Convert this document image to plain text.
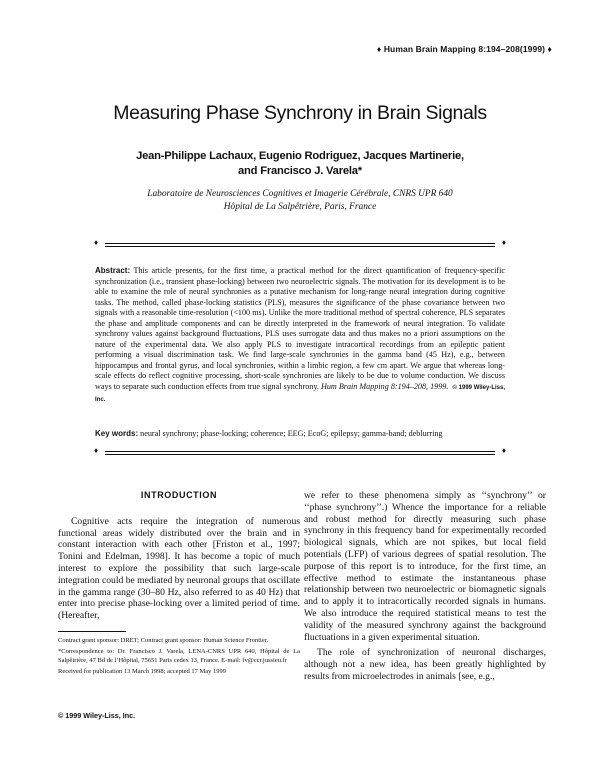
♦ Human Brain Mapping 8:194–208(1999) ♦
Measuring Phase Synchrony in Brain Signals
Jean-Philippe Lachaux, Eugenio Rodriguez, Jacques Martinerie,
and Francisco J. Varela*
Laboratoire de Neurosciences Cognitives et Imagerie Cérébrale, CNRS UPR 640
Hôpital de La Salpêtrière, Paris, France
♦	♦
Abstract: This article presents, for the first time, a practical method for the direct quantification of frequency-specific synchronization (i.e., transient phase-locking) between two neuroelectric signals. The motivation for its development is to be able to examine the role of neural synchronies as a putative mechanism for long-range neural integration during cognitive tasks. The method, called phase-locking statistics (PLS), measures the significance of the phase covariance between two signals with a reasonable time-resolution (<100 ms). Unlike the more traditional method of spectral coherence, PLS separates the phase and amplitude components and can be directly interpreted in the framework of neural integration. To validate synchrony values against background fluctuations, PLS uses surrogate data and thus makes no a priori assumptions on the nature of the experimental data. We also apply PLS to investigate intracortical recordings from an epileptic patient performing a visual discrimination task. We find large-scale synchronies in the gamma band (45 Hz), e.g., between hippocampus and frontal gyrus, and local synchronies, within a limbic region, a few cm apart. We argue that whereas long-scale effects do reflect cognitive processing, short-scale synchronies are likely to be due to volume conduction. We discuss ways to separate such conduction effects from true signal synchrony. Hum Brain Mapping 8:194–208, 1999. © 1999 Wiley-Liss, Inc.
Key words: neural synchrony; phase-locking; coherence; EEG; EcoG; epilepsy; gamma-band; deblurring
♦	♦

INTRODUCTION

Cognitive acts require the integration of numerous functional areas widely distributed over the brain and in constant interaction with each other [Friston et al., 1997; Tonini and Edelman, 1998]. It has become a topic of much interest to explore the possibility that such large-scale integration could be mediated by neuronal groups that oscillate in the gamma range (30–80 Hz, also referred to as 40 Hz) that enter into precise phase-locking over a limited period of time. (Hereafter,

Contract grant sponsor: DRET; Contract grant sponsor: Human Science Frontier.

*Correspondence to: Dr. Francisco J. Varela, LENA-CNRS UPR 640, Hôpital de La Salpêtrière, 47 Bd de l’Hôpital, 75651 Paris cedex 13, France. E-mail: fv@ccr.jussieu.fr

Received for publication 13 March 1998; accepted 17 May 1999

© 1999 Wiley-Liss, Inc.

we refer to these phenomena simply as ‘‘synchrony’’ or ‘‘phase synchrony’’.) Whence the importance for a reliable and robust method for directly measuring such phase synchrony in this frequency band for experimentally recorded biological signals, which are not spikes, but local field potentials (LFP) of various degrees of spatial resolution. The purpose of this report is to introduce, for the first time, an effective method to estimate the instantaneous phase relationship between two neuroelectric or biomagnetic signals and to apply it to intracortically recorded signals in humans. We also introduce the required statistical means to test the validity of the measured synchrony against the background fluctuations in a given experimental situation.

The role of synchronization of neuronal discharges, although not a new idea, has been greatly highlighted by results from microelectrodes in animals [see, e.g.,
